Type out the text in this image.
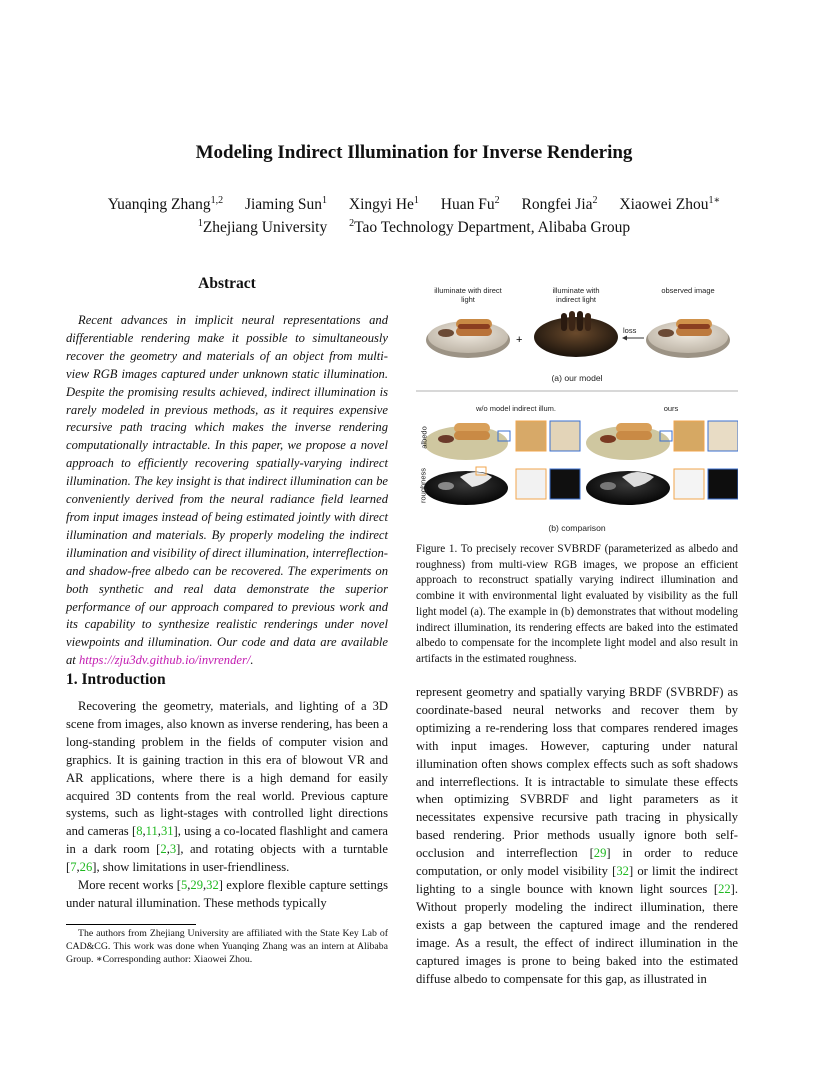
Modeling Indirect Illumination for Inverse Rendering
Yuanqing Zhang$^{1,2}$ Jiaming Sun$^1$ Xingyi He$^1$ Huan Fu$^2$ Rongfei Jia$^2$ Xiaowei Zhou$^{1∗}$
$^1$Zhejiang University $^2$Tao Technology Department, Alibaba Group
Abstract
Recent advances in implicit neural representations and differentiable rendering make it possible to simultaneously recover the geometry and materials of an object from multi-view RGB images captured under unknown static illumination. Despite the promising results achieved, indirect illumination is rarely modeled in previous methods, as it requires expensive recursive path tracing which makes the inverse rendering computationally intractable. In this paper, we propose a novel approach to efficiently recovering spatially-varying indirect illumination. The key insight is that indirect illumination can be conveniently derived from the neural radiance field learned from input images instead of being estimated jointly with direct illumination and materials. By properly modeling the indirect illumination and visibility of direct illumination, interreflection- and shadow-free albedo can be recovered. The experiments on both synthetic and real data demonstrate the superior performance of our approach compared to previous work and its capability to synthesize realistic renderings under novel viewpoints and illumination. Our code and data are available at https://zju3dv.github.io/invrender/.
1. Introduction

Recovering the geometry, materials, and lighting of a 3D scene from images, also known as inverse rendering, has been a long-standing problem in the fields of computer vision and graphics. It is gaining traction in this era of blowout VR and AR applications, where there is a high demand for easily acquired 3D contents from the real world. Previous capture systems, such as light-stages with controlled light directions and cameras [8,11,31], using a co-located flashlight and camera in a dark room [2,3], and rotating objects with a turntable [7,26], show limitations in user-friendliness.

More recent works [5,29,32] explore flexible capture settings under natural illumination. These methods typically

The authors from Zhejiang University are affiliated with the State Key Lab of CAD&CG. This work was done when Yuanqing Zhang was an intern at Alibaba Group. ∗Corresponding author: Xiaowei Zhou.

represent geometry and spatially varying BRDF (SVBRDF) as coordinate-based neural networks and recover them by optimizing a re-rendering loss that compares rendered images with input images. However, capturing under natural illumination often shows complex effects such as soft shadows and interreflections. It is intractable to simulate these effects when optimizing SVBRDF and light parameters as it necessitates expensive recursive path tracing in physically based rendering. Prior methods usually ignore both self-occlusion and interreflection [29] in order to reduce computation, or only model visibility [32] or limit the indirect lighting to a single bounce with known light sources [22]. Without properly modeling the indirect illumination, there exists a gap between the captured image and the rendered image. As a result, the effect of indirect illumination in the captured images is prone to being baked into the estimated diffuse albedo to compensate for this gap, as illustrated in

+
loss
illuminate with direct light
illuminate with indirect light
observed image
(a) our model
w/o model indirect illum.	ours
albedo
roughness
(b) comparison
Figure 1. To precisely recover SVBRDF (parameterized as albedo and roughness) from multi-view RGB images, we propose an efficient approach to reconstruct spatially varying indirect illumination and combine it with environmental light evaluated by visibility as the full light model (a). The example in (b) demonstrates that without modeling indirect illumination, its rendering effects are baked into the estimated albedo to compensate for the incomplete light model and also result in artifacts in the estimated roughness.
